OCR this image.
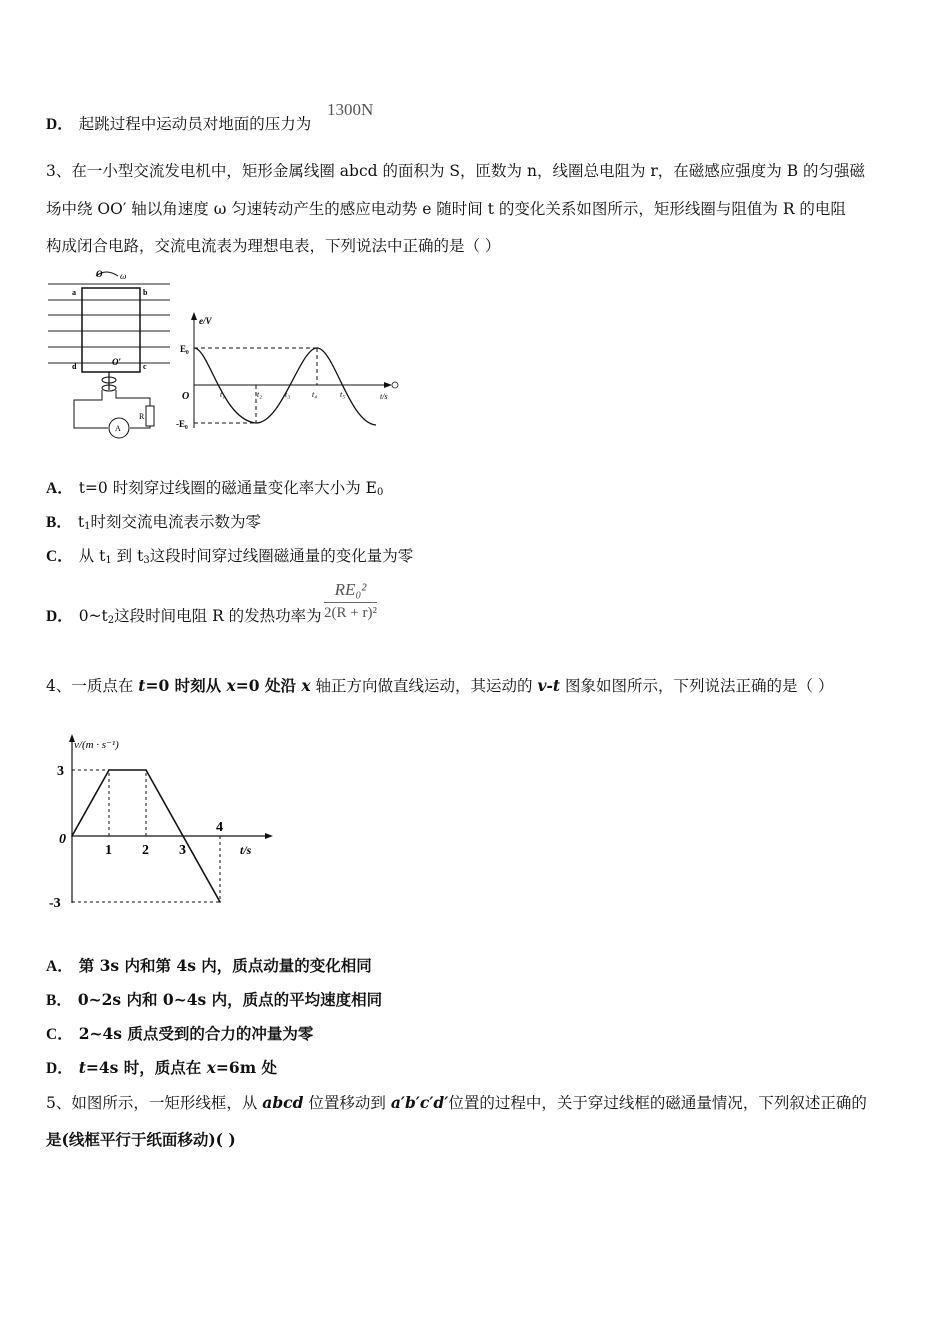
D． 起跳过程中运动员对地面的压力为
1300N
3、在一小型交流发电机中，矩形金属线圈 abcd 的面积为 S，匝数为 n，线圈总电阻为 r，在磁感应强度为 B 的匀强磁
场中绕 OO′ 轴以角速度 ω 匀速转动产生的感应电动势 e 随时间 t 的变化关系如图所示，矩形线圈与阻值为 R 的电阻
构成闭合电路，交流电流表为理想电表，下列说法中正确的是（ ）
O ω
a	b
d	c
O′
R
A
e/V
E₀
-E₀
O	t₁	t₂	t₃	t₄	t₅	t/s
A． t=0 时刻穿过线圈的磁通量变化率大小为 $E_0$
B． $t_1$时刻交流电流表示数为零
C． 从 $t_1$ 到 $t_3$这段时间穿过线圈磁通量的变化量为零
D． $0\sim t_2$这段时间电阻 R 的发热功率为 $\frac{\text{RE₀²}}{\text{2(R + r)²}}$
4、一质点在 t=0 时刻从 x=0 处沿 x 轴正方向做直线运动，其运动的 v-t 图象如图所示，下列说法正确的是（ ）
v/(m · s⁻¹)
t/s
0
1 2 3
4
3
-3
A． 第 3s 内和第 4s 内，质点动量的变化相同
B． 0~2s 内和 0~4s 内，质点的平均速度相同
C． 2~4s 质点受到的合力的冲量为零
D． t=4s 时，质点在 x=6m 处
5、如图所示，一矩形线框，从 abcd 位置移动到 a′b′c′d′位置的过程中，关于穿过线框的磁通量情况，下列叙述正确的
是(线框平行于纸面移动)( )
